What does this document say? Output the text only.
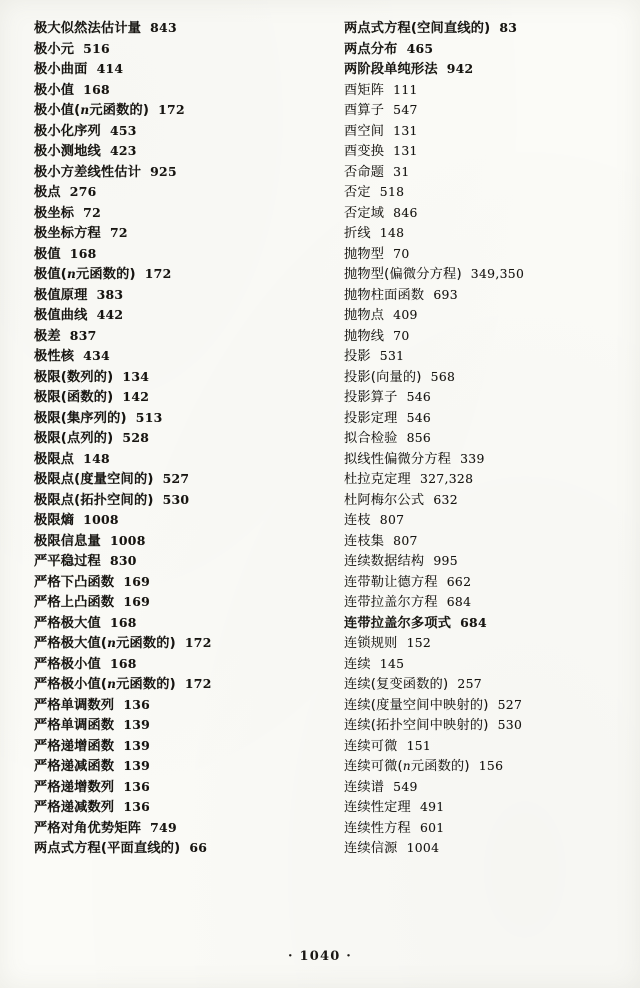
极大似然法估计量 843
极小元 516
极小曲面 414
极小值 168
极小值(n元函数的) 172
极小化序列 453
极小测地线 423
极小方差线性估计 925
极点 276
极坐标 72
极坐标方程 72
极值 168
极值(n元函数的) 172
极值原理 383
极值曲线 442
极差 837
极性核 434
极限(数列的) 134
极限(函数的) 142
极限(集序列的) 513
极限(点列的) 528
极限点 148
极限点(度量空间的) 527
极限点(拓扑空间的) 530
极限熵 1008
极限信息量 1008
严平稳过程 830
严格下凸函数 169
严格上凸函数 169
严格极大值 168
严格极大值(n元函数的) 172
严格极小值 168
严格极小值(n元函数的) 172
严格单调数列 136
严格单调函数 139
严格递增函数 139
严格递减函数 139
严格递增数列 136
严格递减数列 136
严格对角优势矩阵 749
两点式方程(平面直线的) 66
两点式方程(空间直线的) 83
两点分布 465
两阶段单纯形法 942
酉矩阵 111
酉算子 547
酉空间 131
酉变换 131
否命题 31
否定 518
否定域 846
折线 148
抛物型 70
抛物型(偏微分方程) 349,350
抛物柱面函数 693
抛物点 409
抛物线 70
投影 531
投影(向量的) 568
投影算子 546
投影定理 546
拟合检验 856
拟线性偏微分方程 339
杜拉克定理 327,328
杜阿梅尔公式 632
连枝 807
连枝集 807
连续数据结构 995
连带勒让德方程 662
连带拉盖尔方程 684
连带拉盖尔多项式 684
连锁规则 152
连续 145
连续(复变函数的) 257
连续(度量空间中映射的) 527
连续(拓扑空间中映射的) 530
连续可微 151
连续可微(n元函数的) 156
连续谱 549
连续性定理 491
连续性方程 601
连续信源 1004
· 1040 ·
